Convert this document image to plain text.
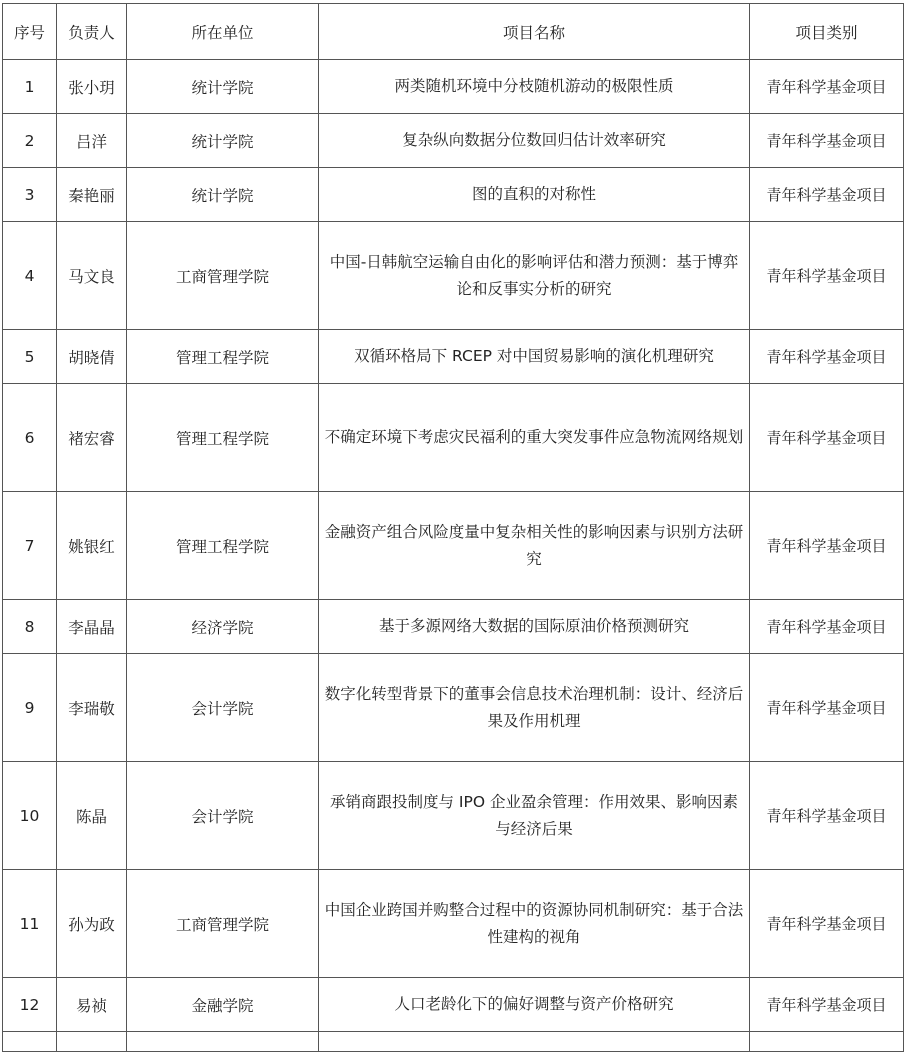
序号	负责人	所在单位	项目名称	项目类别
1	张小玥	统计学院	两类随机环境中分枝随机游动的极限性质	青年科学基金项目
2	吕洋	统计学院	复杂纵向数据分位数回归估计效率研究	青年科学基金项目
3	秦艳丽	统计学院	图的直积的对称性	青年科学基金项目
4	马文良	工商管理学院	中国-日韩航空运输自由化的影响评估和潜力预测：基于博弈论和反事实分析的研究	青年科学基金项目
5	胡晓倩	管理工程学院	双循环格局下 RCEP 对中国贸易影响的演化机理研究	青年科学基金项目
6	褚宏睿	管理工程学院	不确定环境下考虑灾民福利的重大突发事件应急物流网络规划	青年科学基金项目
7	姚银红	管理工程学院	金融资产组合风险度量中复杂相关性的影响因素与识别方法研究	青年科学基金项目
8	李晶晶	经济学院	基于多源网络大数据的国际原油价格预测研究	青年科学基金项目
9	李瑞敬	会计学院	数字化转型背景下的董事会信息技术治理机制：设计、经济后果及作用机理	青年科学基金项目
10	陈晶	会计学院	承销商跟投制度与 IPO 企业盈余管理：作用效果、影响因素与经济后果	青年科学基金项目
11	孙为政	工商管理学院	中国企业跨国并购整合过程中的资源协同机制研究：基于合法性建构的视角	青年科学基金项目
12	易祯	金融学院	人口老龄化下的偏好调整与资产价格研究	青年科学基金项目
